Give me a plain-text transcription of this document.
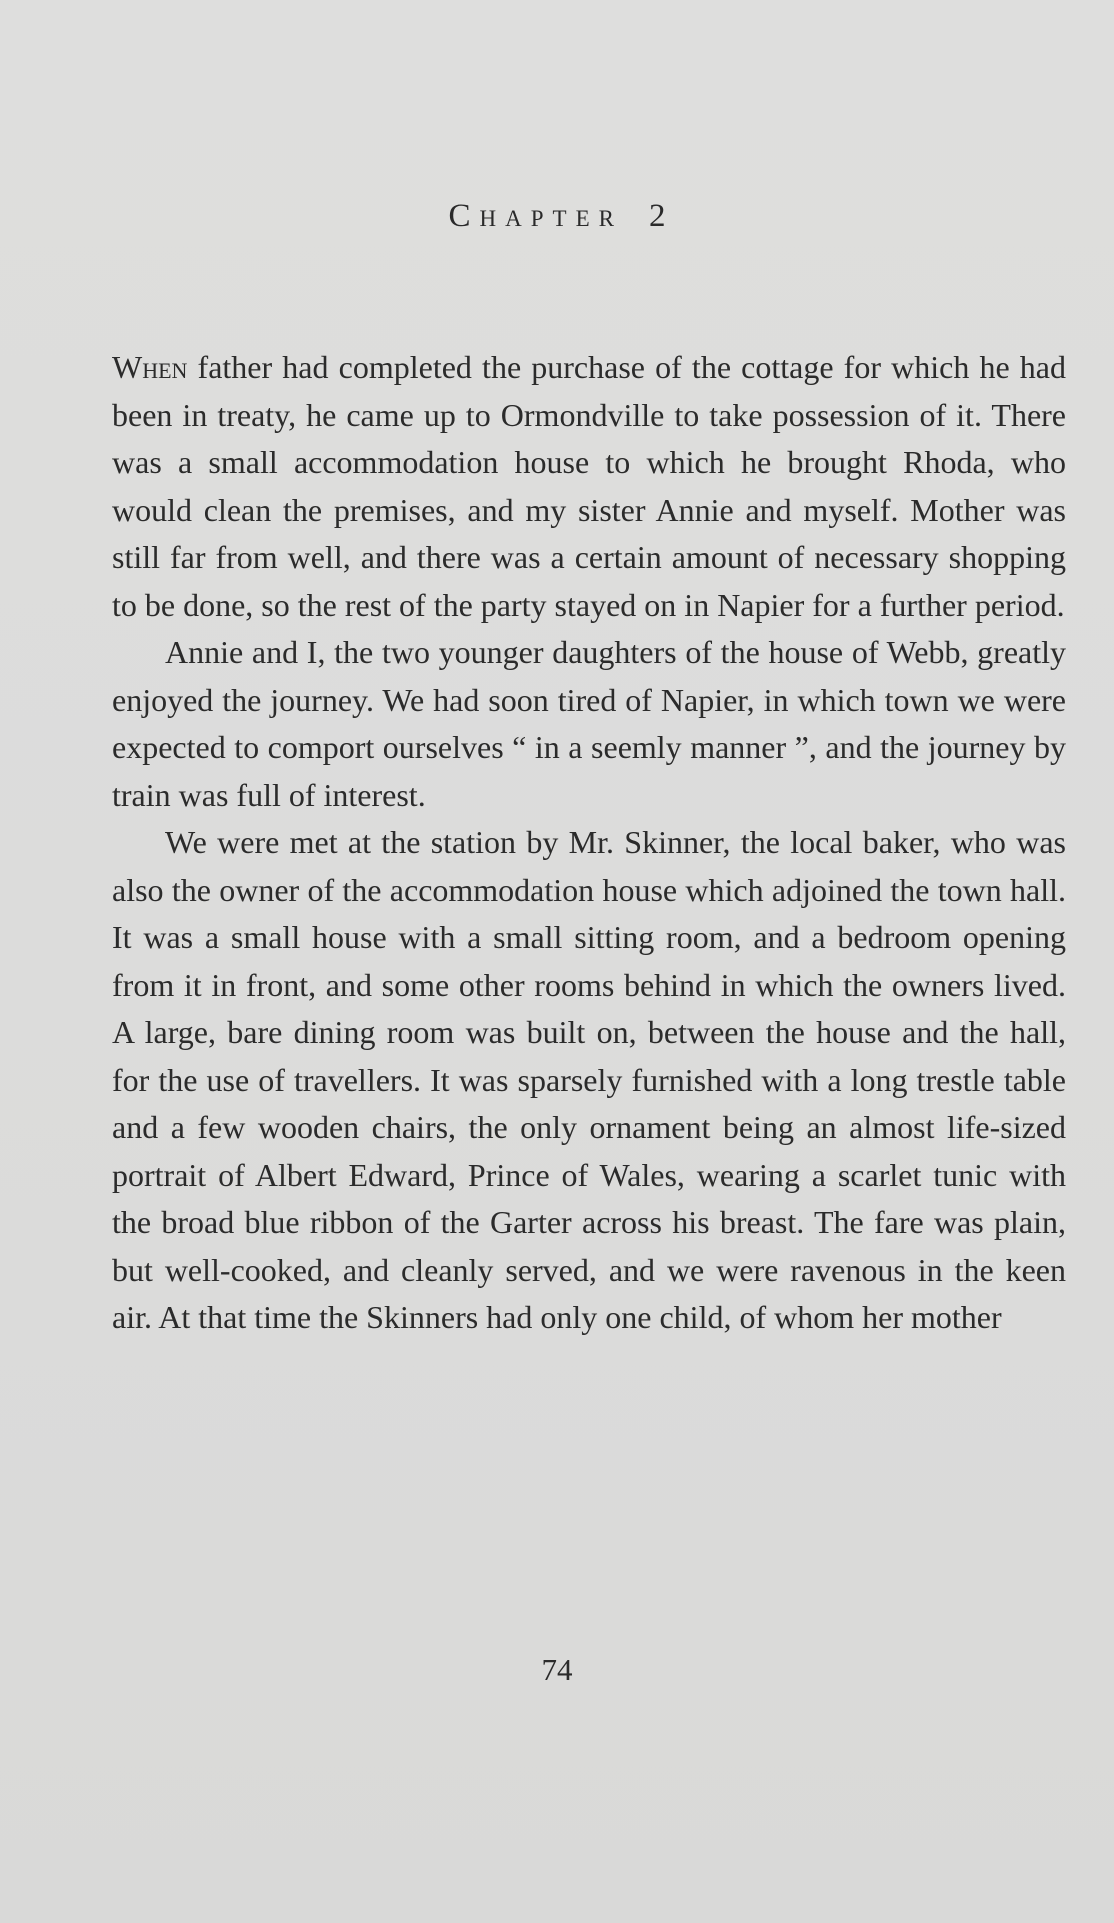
Chapter 2

When father had completed the purchase of the cottage for which he had been in treaty, he came up to Ormondville to take possession of it. There was a small accommodation house to which he brought Rhoda, who would clean the premises, and my sister Annie and myself. Mother was still far from well, and there was a certain amount of necessary shopping to be done, so the rest of the party stayed on in Napier for a further period.

Annie and I, the two younger daughters of the house of Webb, greatly enjoyed the journey. We had soon tired of Napier, in which town we were expected to comport ourselves “ in a seemly manner ”, and the journey by train was full of interest.

We were met at the station by Mr. Skinner, the local baker, who was also the owner of the accommodation house which adjoined the town hall. It was a small house with a small sitting room, and a bedroom opening from it in front, and some other rooms behind in which the owners lived. A large, bare dining room was built on, between the house and the hall, for the use of travellers. It was sparsely furnished with a long trestle table and a few wooden chairs, the only ornament being an almost life-sized portrait of Albert Edward, Prince of Wales, wearing a scarlet tunic with the broad blue ribbon of the Garter across his breast. The fare was plain, but well-cooked, and cleanly served, and we were ravenous in the keen air. At that time the Skinners had only one child, of whom her mother

74
